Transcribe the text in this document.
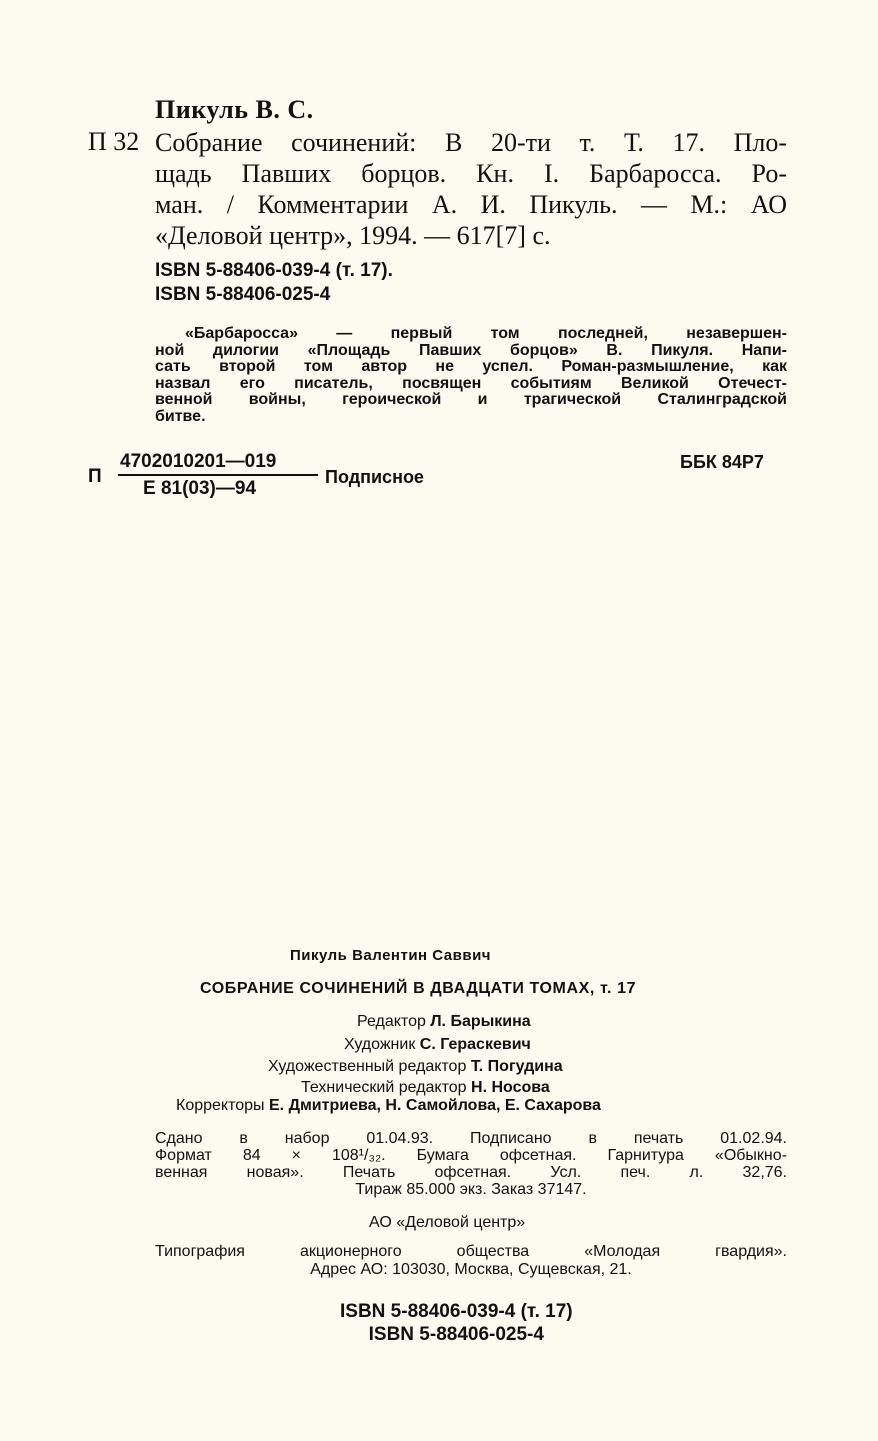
Пикуль В. С.
П 32 Собрание сочинений: В 20-ти т. Т. 17. Пло-
щадь Павших борцов. Кн. I. Барбаросса. Ро-
ман. / Комментарии А. И. Пикуль. — М.: АО
«Деловой центр», 1994. — 617[7] с.
ISBN 5-88406-039-4 (т. 17).
ISBN 5-88406-025-4
«Барбаросса» — первый том последней, незавершен-
ной дилогии «Площадь Павших борцов» В. Пикуля. Напи-
сать второй том автор не успел. Роман-размышление, как
назвал его писатель, посвящен событиям Великой Отечест-
венной войны, героической и трагической Сталинградской
битве.
П
4702010201—019
Е 81(03)—94
Подписное
ББК 84Р7
Пикуль Валентин Саввич
СОБРАНИЕ СОЧИНЕНИЙ В ДВАДЦАТИ ТОМАХ, т. 17
Редактор Л. Барыкина
Художник С. Гераскевич
Художественный редактор Т. Погудина
Технический редактор Н. Носова
Корректоры Е. Дмитриева, Н. Самойлова, Е. Сахарова
Сдано в набор 01.04.93. Подписано в печать 01.02.94.
Формат 84 × 108¹/₃₂. Бумага офсетная. Гарнитура «Обыкно-
венная новая». Печать офсетная. Усл. печ. л. 32,76.
Тираж 85.000 экз. Заказ 37147.
АО «Деловой центр»
Типография акционерного общества «Молодая гвардия».
Адрес АО: 103030, Москва, Сущевская, 21.
ISBN 5-88406-039-4 (т. 17)
ISBN 5-88406-025-4
